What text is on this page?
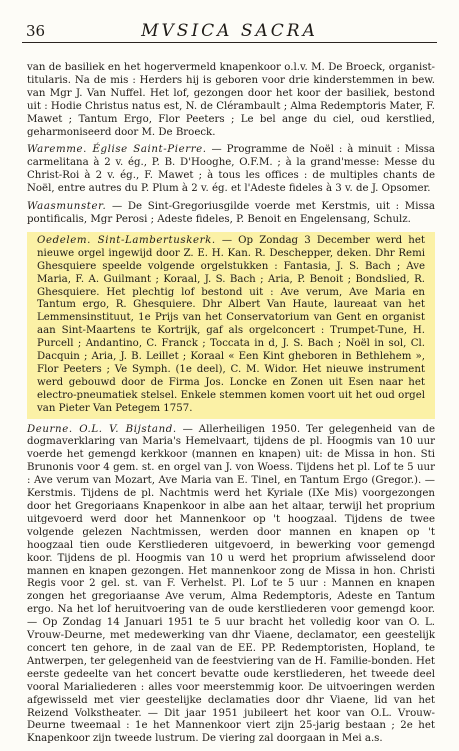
36	MVSICA SACRA

van de basiliek en het hogervermeld knapenkoor o.l.v. M. De Broeck, organist-titularis. Na de mis : Herders hij is geboren voor drie kinderstemmen in bew. van Mgr J. Van Nuffel. Het lof, gezongen door het koor der basiliek, bestond uit : Hodie Christus natus est, N. de Clérambault ; Alma Redemptoris Mater, F. Mawet ; Tantum Ergo, Flor Peeters ; Le bel ange du ciel, oud kerstlied, geharmoniseerd door M. De Broeck.

Waremme. Église Saint-Pierre. — Programme de Noël : à minuit : Missa carmelitana à 2 v. ég., P. B. D'Hooghe, O.F.M. ; à la grand'messe: Messe du Christ-Roi à 2 v. ég., F. Mawet ; à tous les offices : de multiples chants de Noël, entre autres du P. Plum à 2 v. ég. et l'Adeste fideles à 3 v. de J. Opsomer.

Waasmunster. — De Sint-Gregoriusgilde voerde met Kerstmis, uit : Missa pontificalis, Mgr Perosi ; Adeste fideles, P. Benoit en Engelensang, Schulz.

Oedelem. Sint-Lambertuskerk. — Op Zondag 3 December werd het nieuwe orgel ingewijd door Z. E. H. Kan. R. Deschepper, deken. Dhr Remi Ghesquiere speelde volgende orgelstukken : Fantasia, J. S. Bach ; Ave Maria, F. A. Guilmant ; Koraal, J. S. Bach ; Aria, P. Benoit ; Bondslied, R. Ghesquiere. Het plechtig lof bestond uit : Ave verum, Ave Maria en Tantum ergo, R. Ghesquiere. Dhr Albert Van Haute, laureaat van het Lemmensinstituut, 1e Prijs van het Conservatorium van Gent en organist aan Sint-Maartens te Kortrijk, gaf als orgelconcert : Trumpet-Tune, H. Purcell ; Andantino, C. Franck ; Toccata in d, J. S. Bach ; Noël in sol, Cl. Dacquin ; Aria, J. B. Leillet ; Koraal « Een Kint gheboren in Bethlehem », Flor Peeters ; Ve Symph. (1e deel), C. M. Widor. Het nieuwe instrument werd gebouwd door de Firma Jos. Loncke en Zonen uit Esen naar het electro-pneumatiek stelsel. Enkele stemmen komen voort uit het oud orgel van Pieter Van Petegem 1757.

Deurne. O.L. V. Bijstand. — Allerheiligen 1950. Ter gelegenheid van de dogmaverklaring van Maria's Hemelvaart, tijdens de pl. Hoogmis van 10 uur voerde het gemengd kerkkoor (mannen en knapen) uit: de Missa in hon. Sti Brunonis voor 4 gem. st. en orgel van J. von Woess. Tijdens het pl. Lof te 5 uur : Ave verum van Mozart, Ave Maria van E. Tinel, en Tantum Ergo (Gregor.). — Kerstmis. Tijdens de pl. Nachtmis werd het Kyriale (IXe Mis) voorgezongen door het Gregoriaans Knapenkoor in albe aan het altaar, terwijl het proprium uitgevoerd werd door het Mannenkoor op 't hoogzaal. Tijdens de twee volgende gelezen Nachtmissen, werden door mannen en knapen op 't hoogzaal tien oude Kerstliederen uitgevoerd, in bewerking voor gemengd koor. Tijdens de pl. Hoogmis van 10 u werd het proprium afwisselend door mannen en knapen gezongen. Het mannenkoor zong de Missa in hon. Christi Regis voor 2 gel. st. van F. Verhelst. Pl. Lof te 5 uur : Mannen en knapen zongen het gregoriaanse Ave verum, Alma Redemptoris, Adeste en Tantum ergo. Na het lof heruitvoering van de oude kerstliederen voor gemengd koor. — Op Zondag 14 Januari 1951 te 5 uur bracht het volledig koor van O. L. Vrouw-Deurne, met medewerking van dhr Viaene, declamator, een geestelijk concert ten gehore, in de zaal van de EE. PP. Redemptoristen, Hopland, te Antwerpen, ter gelegenheid van de feestviering van de H. Familie-bonden. Het eerste gedeelte van het concert bevatte oude kerstliederen, het tweede deel vooral Marialiederen : alles voor meerstemmig koor. De uitvoeringen werden afgewisseld met vier geestelijke declamaties door dhr Viaene, lid van het Reizend Volkstheater. — Dit jaar 1951 jubileert het koor van O.L. Vrouw-Deurne tweemaal : 1e het Mannenkoor viert zijn 25-jarig bestaan ; 2e het Knapenkoor zijn tweede lustrum. De viering zal doorgaan in Mei a.s.
